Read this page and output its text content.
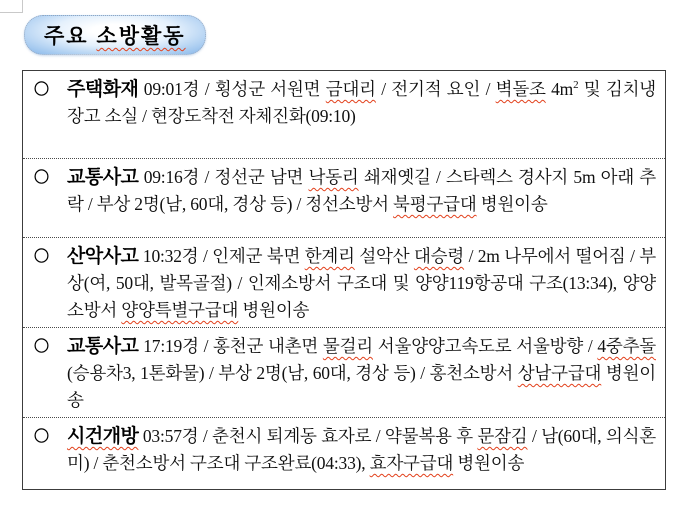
주요 소방활동

〇 주택화재 09:01경 / 횡성군 서원면 금대리 / 전기적 요인 / 벽돌조 $4m^2$ 및 김치냉장고 소실 / 현장도착전 자체진화(09:10)

〇 교통사고 09:16경 / 정선군 남면 낙동리 쇄재옛길 / 스타렉스 경사지 5m 아래 추락 / 부상 2명(남, 60대, 경상 등) / 정선소방서 북평구급대 병원이송

〇 산악사고 10:32경 / 인제군 북면 한계리 설악산 대승령 / 2m 나무에서 떨어짐 / 부상(여, 50대, 발목골절) / 인제소방서 구조대 및 양양119항공대 구조(13:34), 양양소방서 양양특별구급대 병원이송

〇 교통사고 17:19경 / 홍천군 내촌면 물걸리 서울양양고속도로 서울방향 / 4중추돌(승용차3, 1톤화물) / 부상 2명(남, 60대, 경상 등) / 홍천소방서 상남구급대 병원이송

〇 시건개방 03:57경 / 춘천시 퇴계동 효자로 / 약물복용 후 문잠김 / 남(60대, 의식혼미) / 춘천소방서 구조대 구조완료(04:33), 효자구급대 병원이송
